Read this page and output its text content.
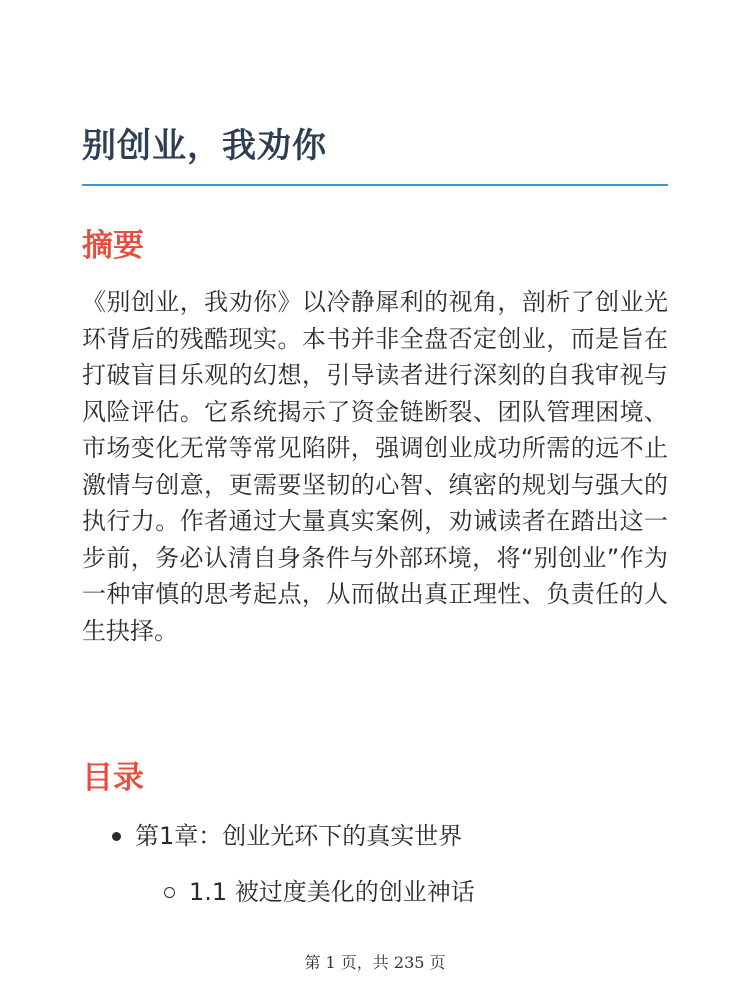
别创业，我劝你
摘要

《别创业，我劝你》以冷静犀利的视角，剖析了创业光环背后的残酷现实。本书并非全盘否定创业，而是旨在打破盲目乐观的幻想，引导读者进行深刻的自我审视与风险评估。它系统揭示了资金链断裂、团队管理困境、市场变化无常等常见陷阱，强调创业成功所需的远不止激情与创意，更需要坚韧的心智、缜密的规划与强大的执行力。作者通过大量真实案例，劝诫读者在踏出这一步前，务必认清自身条件与外部环境，将“别创业”作为一种审慎的思考起点，从而做出真正理性、负责任的人生抉择。

目录
第1章：创业光环下的真实世界
1.1 被过度美化的创业神话
第 1 页，共 235 页
